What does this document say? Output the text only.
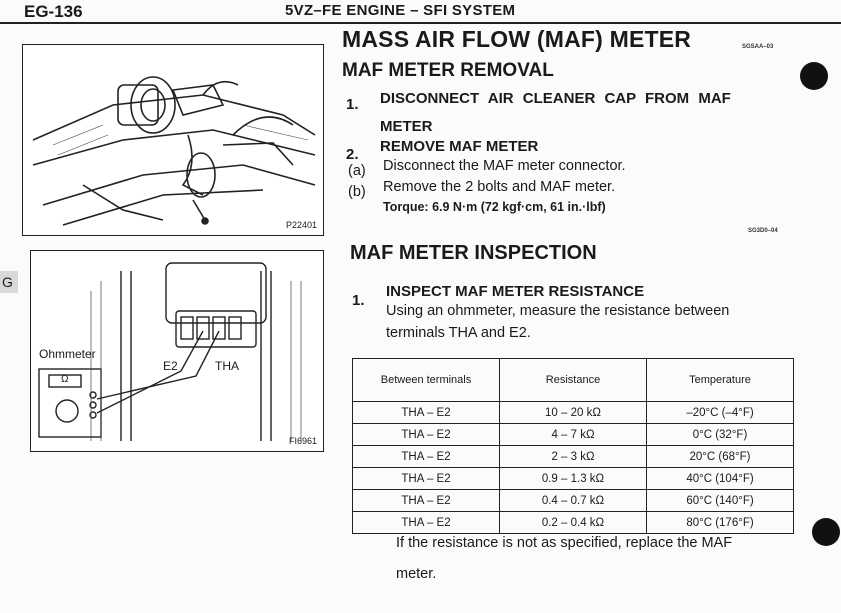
EG-136	5VZ–FE ENGINE – SFI SYSTEM
G
P22401
Ohmmeter
Ω
E2	THA
FI6961
MASS AIR FLOW (MAF) METER	SGSAA–03
MAF METER REMOVAL
1. DISCONNECT AIR CLEANER CAP FROM MAF
METER
2. REMOVE MAF METER
(a) Disconnect the MAF meter connector.
(b) Remove the 2 bolts and MAF meter.
Torque: 6.9 N·m (72 kgf·cm, 61 in.·lbf)
SG3D0–04
MAF METER INSPECTION
1.
INSPECT MAF METER RESISTANCE
Using an ohmmeter, measure the resistance between
terminals THA and E2.
Between terminals	Resistance	Temperature
THA – E2	10 – 20 kΩ	–20°C (–4°F)
THA – E2	4 – 7 kΩ	0°C (32°F)
THA – E2	2 – 3 kΩ	20°C (68°F)
THA – E2	0.9 – 1.3 kΩ	40°C (104°F)
THA – E2	0.4 – 0.7 kΩ	60°C (140°F)
THA – E2	0.2 – 0.4 kΩ	80°C (176°F)
If the resistance is not as specified, replace the MAF
meter.
